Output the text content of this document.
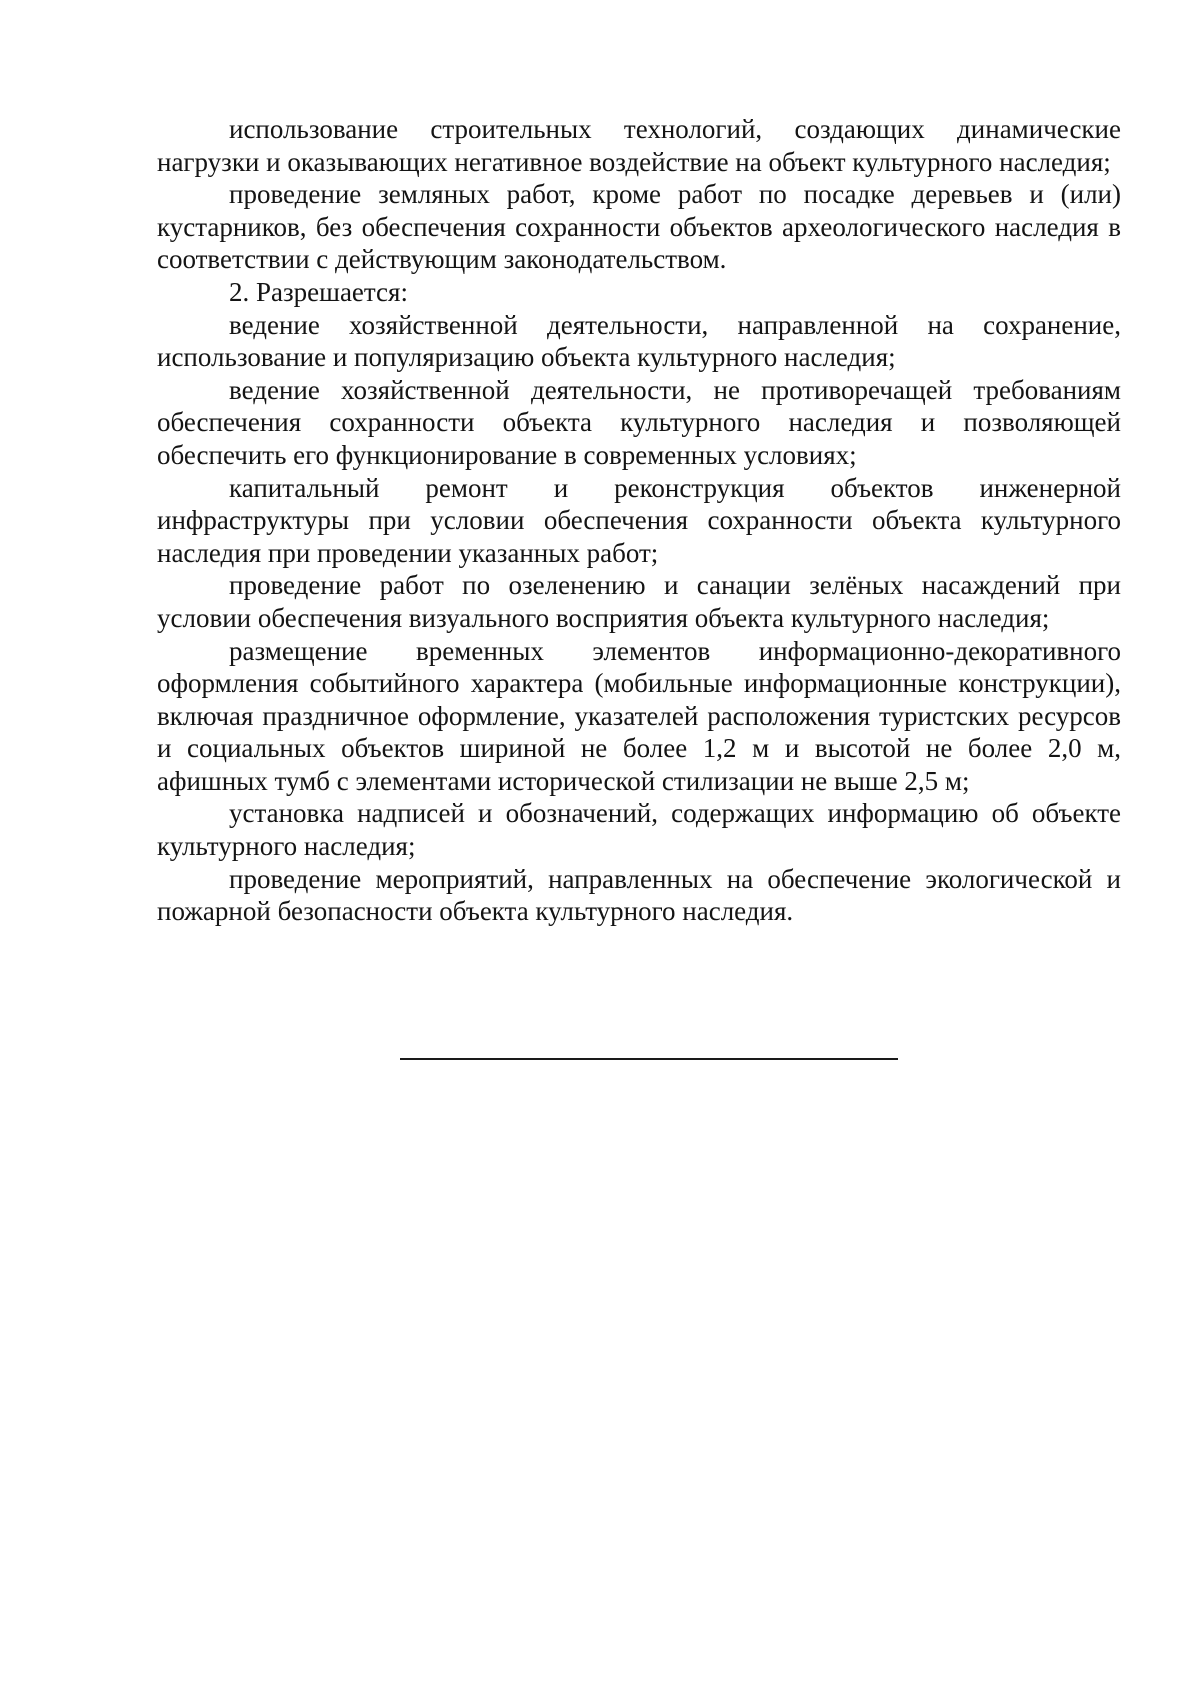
использование строительных технологий, создающих динамические нагрузки и оказывающих негативное воздействие на объект культурного наследия;

проведение земляных работ, кроме работ по посадке деревьев и (или) кустарников, без обеспечения сохранности объектов археологического наследия в соответствии с действующим законодательством.

2. Разрешается:

ведение хозяйственной деятельности, направленной на сохранение, использование и популяризацию объекта культурного наследия;

ведение хозяйственной деятельности, не противоречащей требованиям обеспечения сохранности объекта культурного наследия и позволяющей обеспечить его функционирование в современных условиях;

капитальный ремонт и реконструкция объектов инженерной инфраструктуры при условии обеспечения сохранности объекта культурного наследия при проведении указанных работ;

проведение работ по озеленению и санации зелёных насаждений при условии обеспечения визуального восприятия объекта культурного наследия;

размещение временных элементов информационно-декоративного оформления событийного характера (мобильные информационные конструкции), включая праздничное оформление, указателей расположения туристских ресурсов и социальных объектов шириной не более 1,2 м и высотой не более 2,0 м, афишных тумб с элементами исторической стилизации не выше 2,5 м;

установка надписей и обозначений, содержащих информацию об объекте культурного наследия;

проведение мероприятий, направленных на обеспечение экологической и пожарной безопасности объекта культурного наследия.
